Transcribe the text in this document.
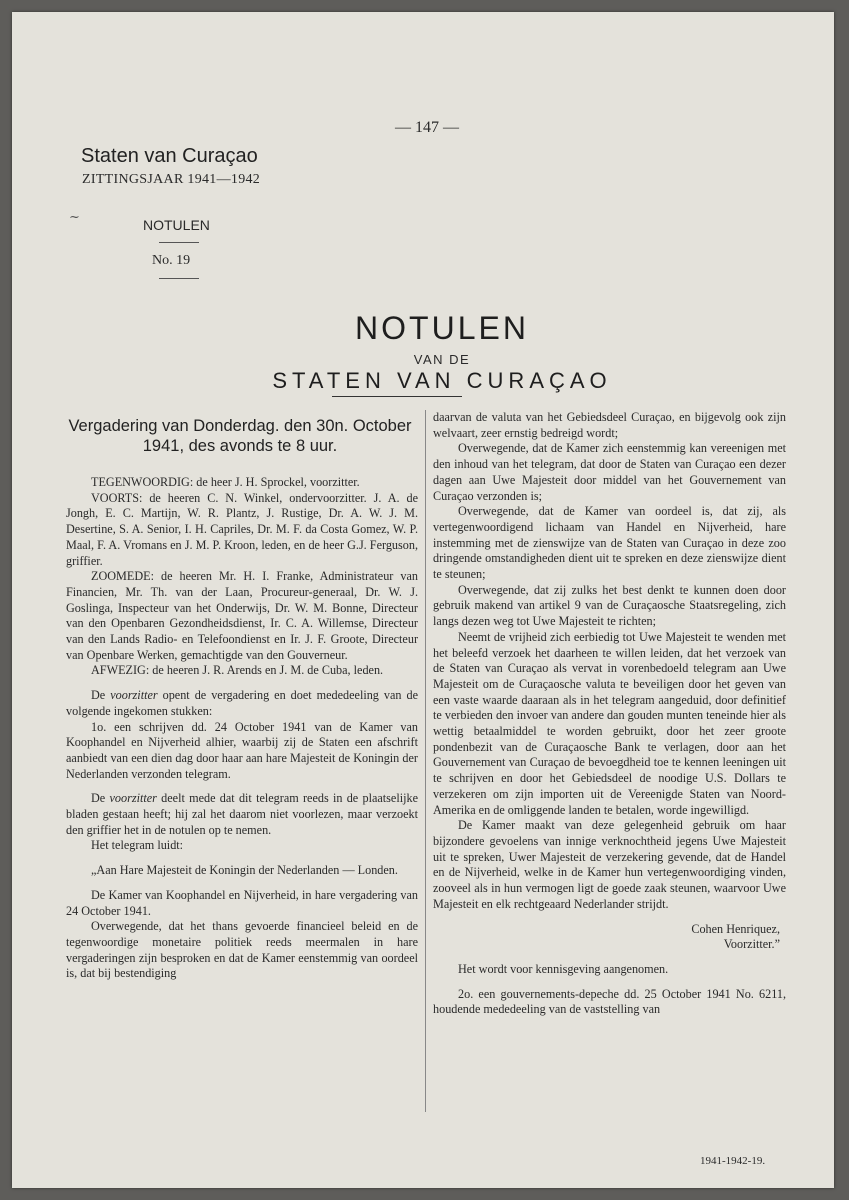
— 147 —
Staten van Curaçao
ZITTINGSJAAR 1941—1942
~	NOTULEN
No. 19
NOTULEN
VAN DE
STATEN VAN CURAÇAO
Vergadering van Donderdag. den 30n. October
1941, des avonds te 8 uur.

TEGENWOORDIG: de heer J. H. Sprockel, voorzitter.

VOORTS: de heeren C. N. Winkel, ondervoorzitter. J. A. de Jongh, E. C. Martijn, W. R. Plantz, J. Rustige, Dr. A. W. J. M. Desertine, S. A. Senior, I. H. Capriles, Dr. M. F. da Costa Gomez, W. P. Maal, F. A. Vromans en J. M. P. Kroon, leden, en de heer G.J. Ferguson, griffier.

ZOOMEDE: de heeren Mr. H. I. Franke, Administrateur van Financien, Mr. Th. van der Laan, Procureur-generaal, Dr. W. J. Goslinga, Inspecteur van het Onderwijs, Dr. W. M. Bonne, Directeur van den Openbaren Gezondheidsdienst, Ir. C. A. Willemse, Directeur van den Lands Radio- en Telefoondienst en Ir. J. F. Groote, Directeur van Openbare Werken, gemachtigde van den Gouverneur.

AFWEZIG: de heeren J. R. Arends en J. M. de Cuba, leden.

De voorzitter opent de vergadering en doet mededeeling van de volgende ingekomen stukken:

1o. een schrijven dd. 24 October 1941 van de Kamer van Koophandel en Nijverheid alhier, waarbij zij de Staten een afschrift aanbiedt van een dien dag door haar aan hare Majesteit de Koningin der Nederlanden verzonden telegram.

De voorzitter deelt mede dat dit telegram reeds in de plaatselijke bladen gestaan heeft; hij zal het daarom niet voorlezen, maar verzoekt den griffier het in de notulen op te nemen.

Het telegram luidt:

„Aan Hare Majesteit de Koningin der Nederlanden — Londen.

De Kamer van Koophandel en Nijverheid, in hare vergadering van 24 October 1941.

Overwegende, dat het thans gevoerde financieel beleid en de tegenwoordige monetaire politiek reeds meermalen in hare vergaderingen zijn besproken en dat de Kamer eenstemmig van oordeel is, dat bij bestendiging

daarvan de valuta van het Gebiedsdeel Curaçao, en bijgevolg ook zijn welvaart, zeer ernstig bedreigd wordt;

Overwegende, dat de Kamer zich eenstemmig kan vereenigen met den inhoud van het telegram, dat door de Staten van Curaçao een dezer dagen aan Uwe Majesteit door middel van het Gouvernement van Curaçao verzonden is;

Overwegende, dat de Kamer van oordeel is, dat zij, als vertegenwoordigend lichaam van Handel en Nijverheid, hare instemming met de zienswijze van de Staten van Curaçao in deze zoo dringende omstandigheden dient uit te spreken en deze zienswijze dient te steunen;

Overwegende, dat zij zulks het best denkt te kunnen doen door gebruik makend van artikel 9 van de Curaçaosche Staatsregeling, zich langs dezen weg tot Uwe Majesteit te richten;

Neemt de vrijheid zich eerbiedig tot Uwe Majesteit te wenden met het beleefd verzoek het daarheen te willen leiden, dat het verzoek van de Staten van Curaçao als vervat in vorenbedoeld telegram aan Uwe Majesteit om de Curaçaosche valuta te beveiligen door het geven van een vaste waarde daaraan als in het telegram aangeduid, door definitief te verbieden den invoer van andere dan gouden munten teneinde hier als wettig betaalmiddel te worden gebruikt, door het zeer groote pondenbezit van de Curaçaosche Bank te verlagen, door aan het Gouvernement van Curaçao de bevoegdheid toe te kennen leeningen uit te schrijven en door het Gebiedsdeel de noodige U.S. Dollars te verzekeren om zijn importen uit de Vereenigde Staten van Noord-Amerika en de omliggende landen te betalen, worde ingewilligd.

De Kamer maakt van deze gelegenheid gebruik om haar bijzondere gevoelens van innige verknochtheid jegens Uwe Majesteit uit te spreken, Uwer Majesteit de verzekering gevende, dat de Handel en de Nijverheid, welke in de Kamer hun vertegenwoordiging vinden, zooveel als in hun vermogen ligt de goede zaak steunen, waarvoor Uwe Majesteit en elk rechtgeaard Nederlander strijdt.

Cohen Henriquez,

Voorzitter.”

Het wordt voor kennisgeving aangenomen.

2o. een gouvernements-depeche dd. 25 October 1941 No. 6211, houdende mededeeling van de vaststelling van

1941-1942-19.
